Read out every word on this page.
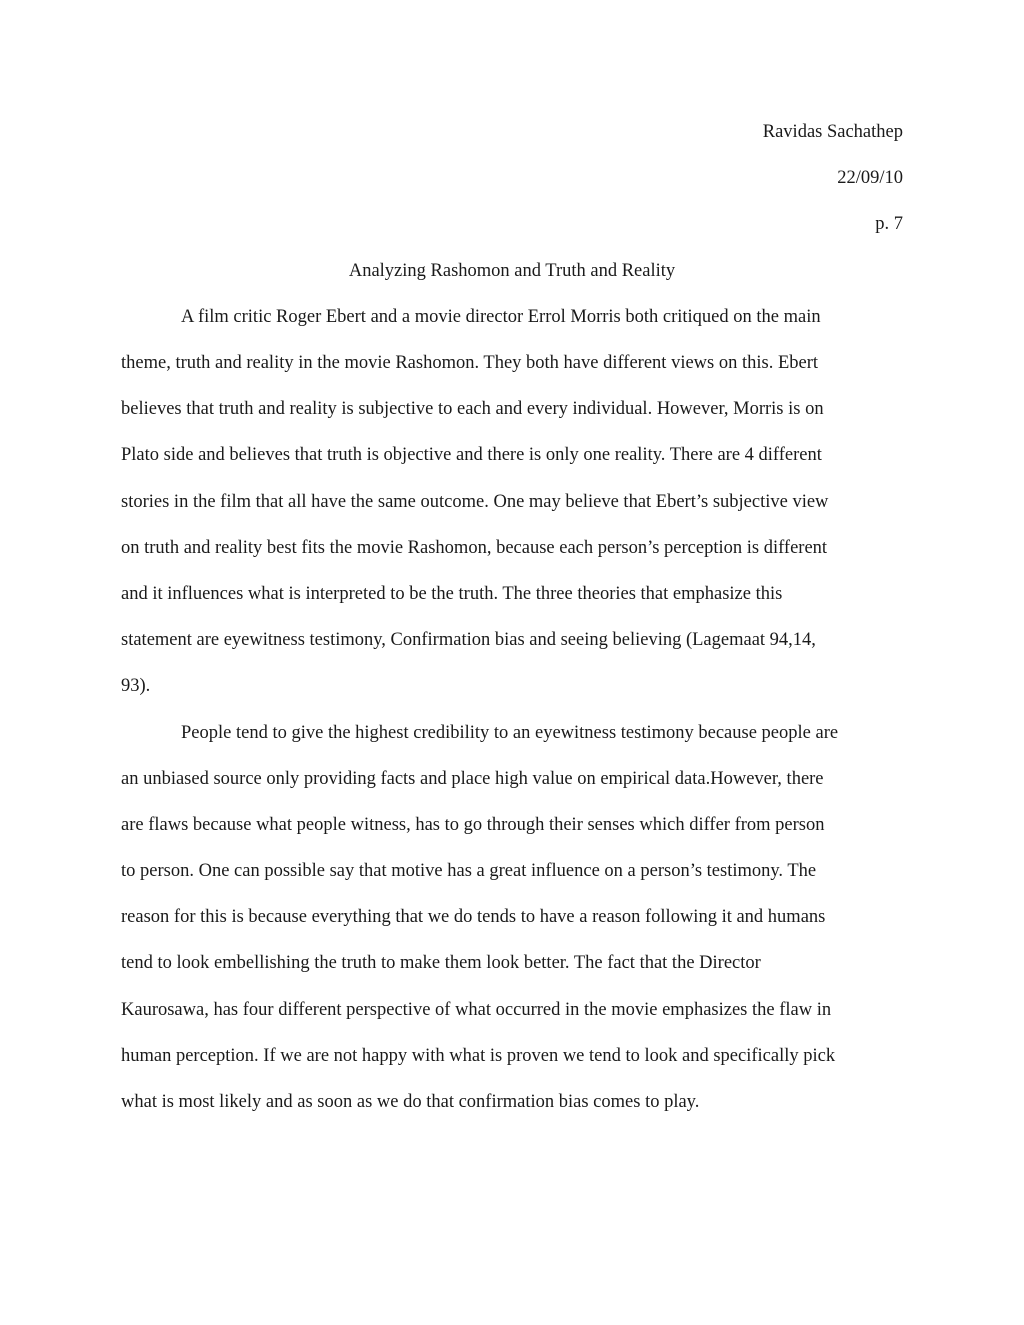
Ravidas Sachathep
22/09/10
p. 7
Analyzing Rashomon and Truth and Reality
A film critic Roger Ebert and a movie director Errol Morris both critiqued on the main
theme, truth and reality in the movie Rashomon. They both have different views on this. Ebert
believes that truth and reality is subjective to each and every individual. However, Morris is on
Plato side and believes that truth is objective and there is only one reality. There are 4 different
stories in the film that all have the same outcome. One may believe that Ebert’s subjective view
on truth and reality best fits the movie Rashomon, because each person’s perception is different
and it influences what is interpreted to be the truth. The three theories that emphasize this
statement are eyewitness testimony, Confirmation bias and seeing believing (Lagemaat 94,14,
93).
People tend to give the highest credibility to an eyewitness testimony because people are
an unbiased source only providing facts and place high value on empirical data.However, there
are flaws because what people witness, has to go through their senses which differ from person
to person. One can possible say that motive has a great influence on a person’s testimony. The
reason for this is because everything that we do tends to have a reason following it and humans
tend to look embellishing the truth to make them look better. The fact that the Director
Kaurosawa, has four different perspective of what occurred in the movie emphasizes the flaw in
human perception. If we are not happy with what is proven we tend to look and specifically pick
what is most likely and as soon as we do that confirmation bias comes to play.
